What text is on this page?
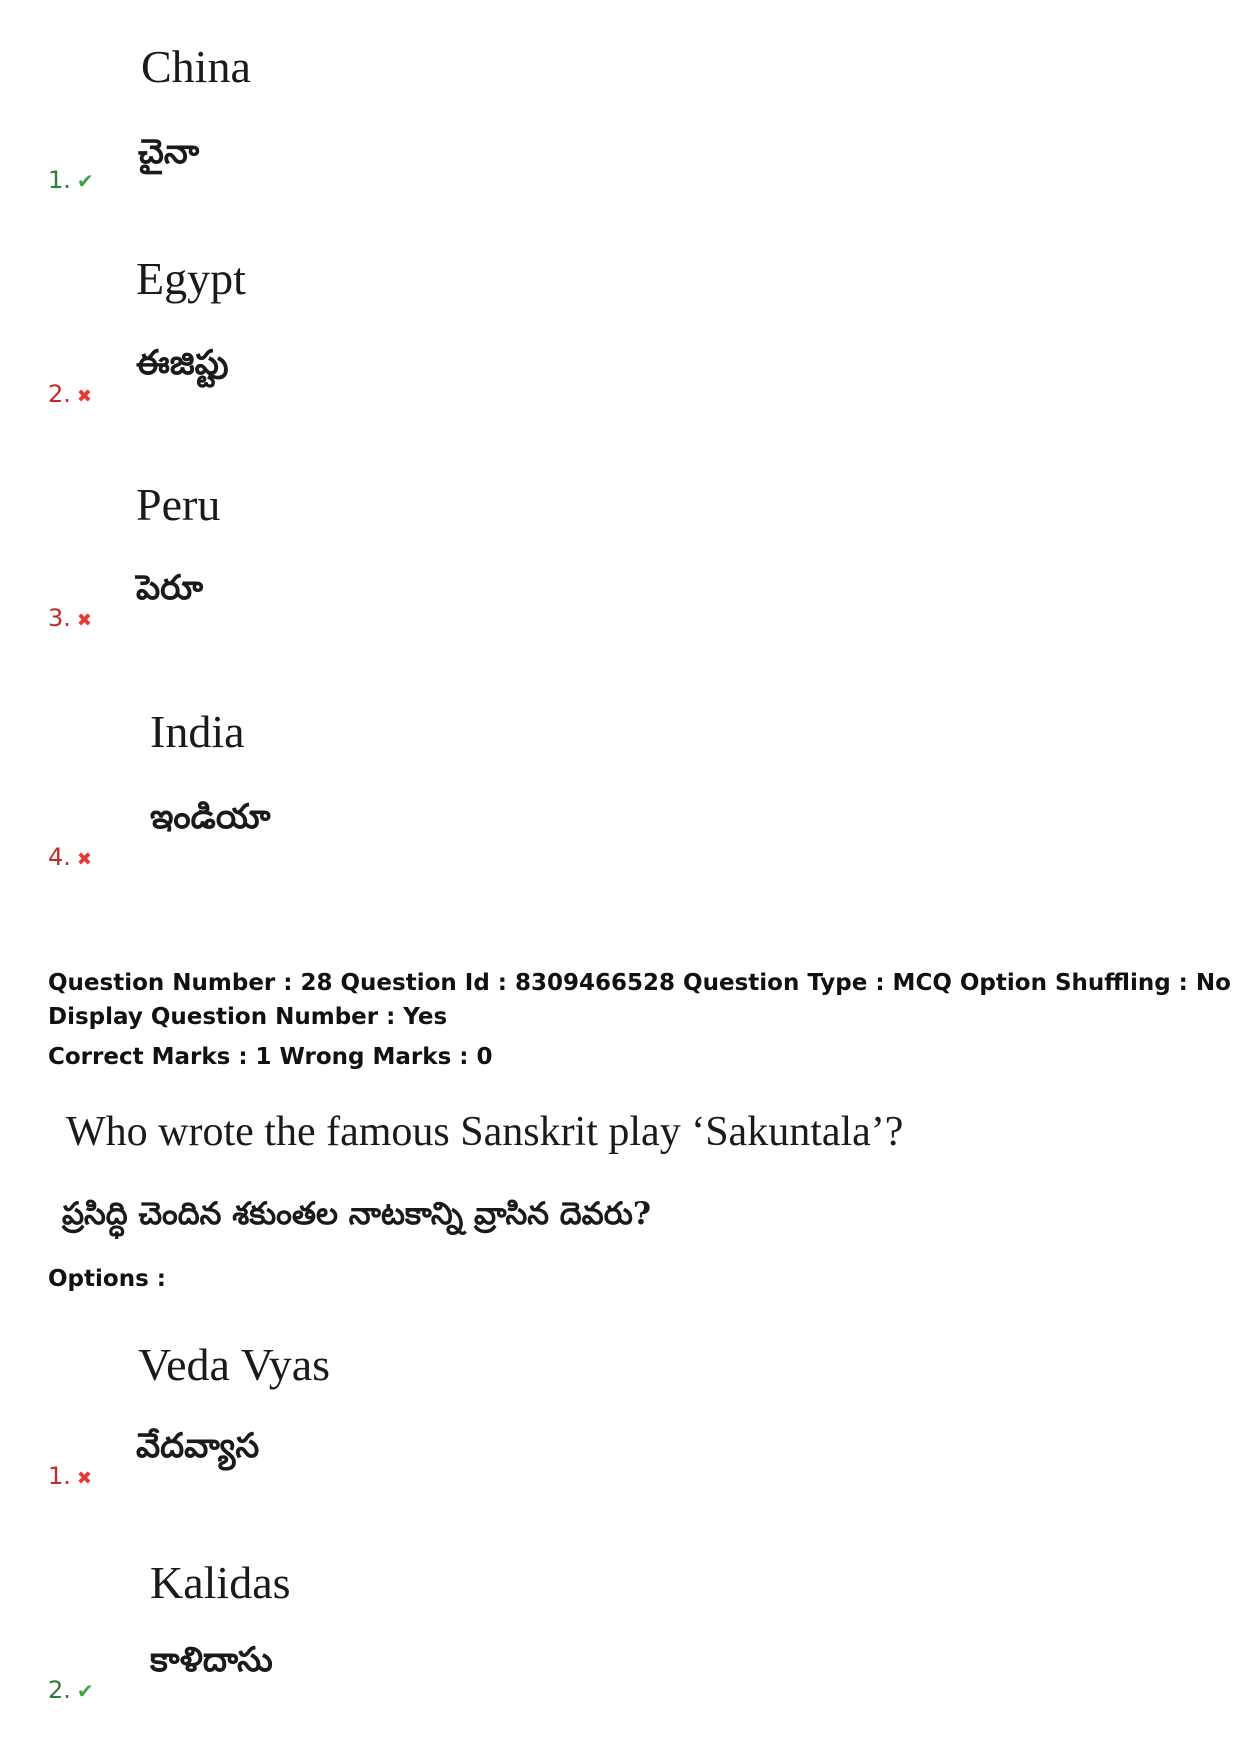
China
చైనా
1. ✔
Egypt
ఈజిప్టు
2. ✖
Peru
పెరూ
3. ✖
India
ఇండియా
4. ✖
Question Number : 28 Question Id : 8309466528 Question Type : MCQ Option Shuffling : No
Display Question Number : Yes
Correct Marks : 1 Wrong Marks : 0
Who wrote the famous Sanskrit play ‘Sakuntala’?
ప్రసిద్ధి చెందిన శకుంతల నాటకాన్ని వ్రాసిన దెవరు?
Options :
Veda Vyas
వేదవ్యాస
1. ✖
Kalidas
కాళిదాసు
2. ✔
